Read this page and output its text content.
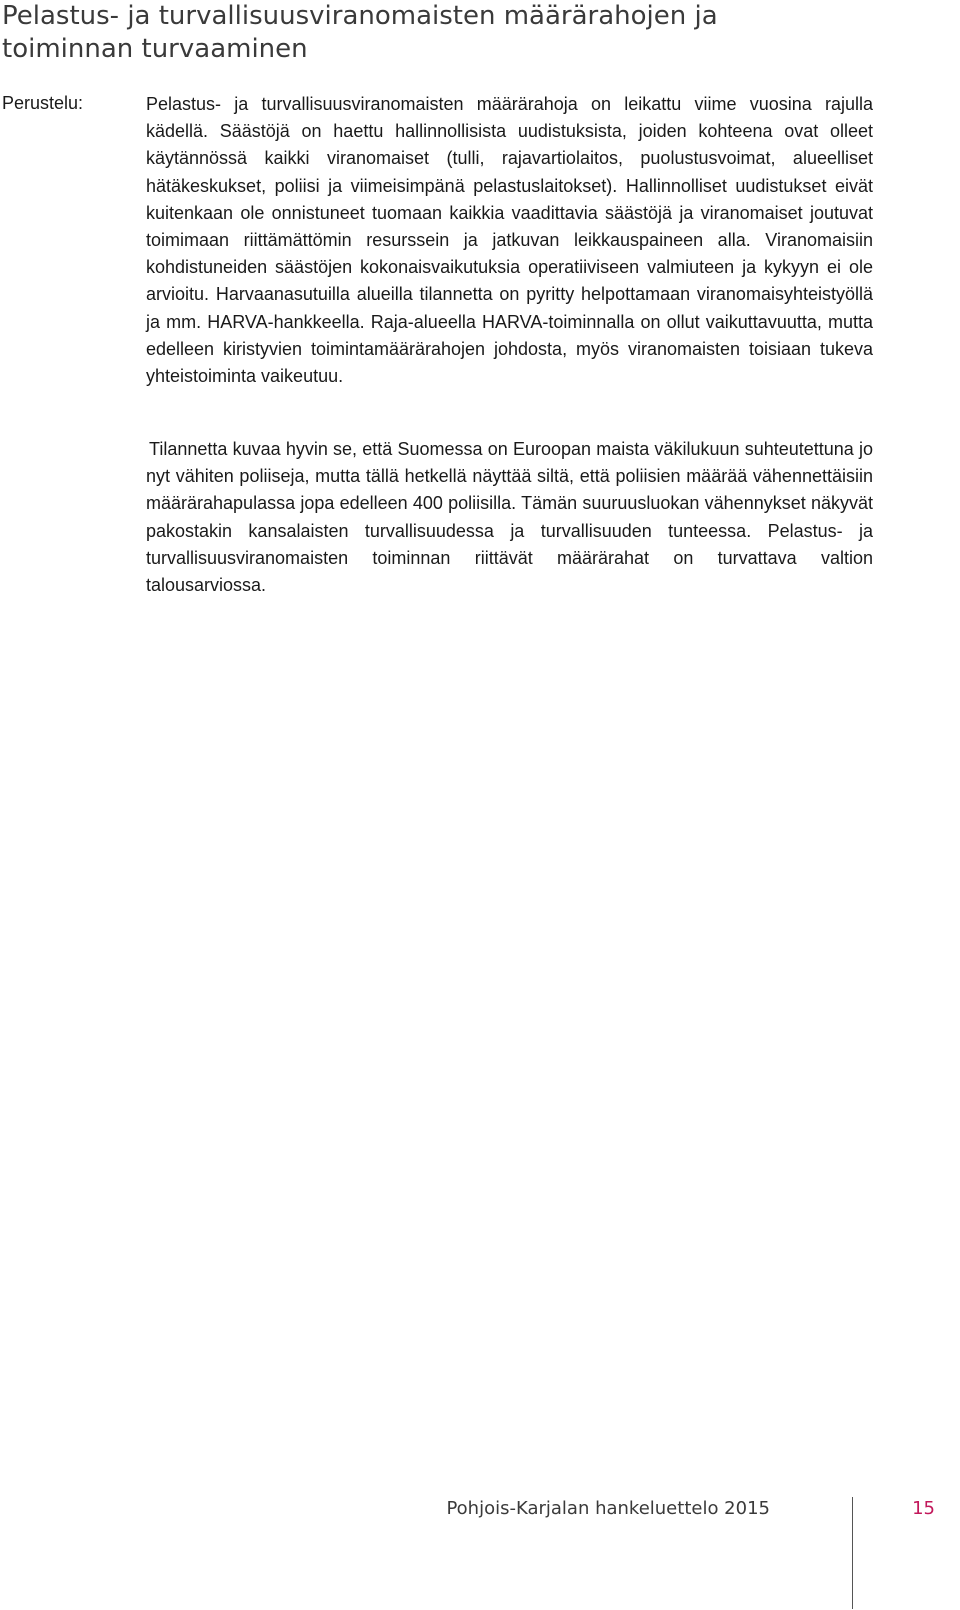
Pelastus- ja turvallisuusviranomaisten määrärahojen ja
toiminnan turvaaminen
Perustelu:	Pelastus- ja turvallisuusviranomaisten määrärahoja on leikattu viime vuosina rajulla kädellä. Säästöjä on haettu hallinnollisista uudistuksista, joiden kohteena ovat olleet käytännössä kaikki viranomaiset (tulli, rajavartiolaitos, puolustusvoimat, alueelliset hätäkeskukset, poliisi ja viimeisimpänä pelastuslaitokset). Hallinnolliset uudistukset eivät kuitenkaan ole onnistuneet tuomaan kaikkia vaadittavia säästöjä ja viranomaiset joutuvat toimimaan riittämättömin resurssein ja jatkuvan leikkauspaineen alla. Viranomaisiin kohdistuneiden säästöjen kokonaisvaikutuksia operatiiviseen valmiuteen ja kykyyn ei ole arvioitu. Harvaanasutuilla alueilla tilannetta on pyritty helpottamaan viranomaisyhteistyöllä ja mm. HARVA-hankkeella. Raja-alueella HARVA-toiminnalla on ollut vaikuttavuutta, mutta edelleen kiristyvien toimintamäärärahojen johdosta, myös viranomaisten toisiaan tukeva yhteistoiminta vaikeutuu.

Tilannetta kuvaa hyvin se, että Suomessa on Euroopan maista väkilukuun suhteutettuna jo nyt vähiten poliiseja, mutta tällä hetkellä näyttää siltä, että poliisien määrää vähennettäisiin määrärahapulassa jopa edelleen 400 poliisilla. Tämän suuruusluokan vähennykset näkyvät pakostakin kansalaisten turvallisuudessa ja turvallisuuden tunteessa. Pelastus- ja turvallisuusviranomaisten toiminnan riittävät määrärahat on turvattava valtion talousarviossa.

Pohjois-Karjalan hankeluettelo 2015	15
